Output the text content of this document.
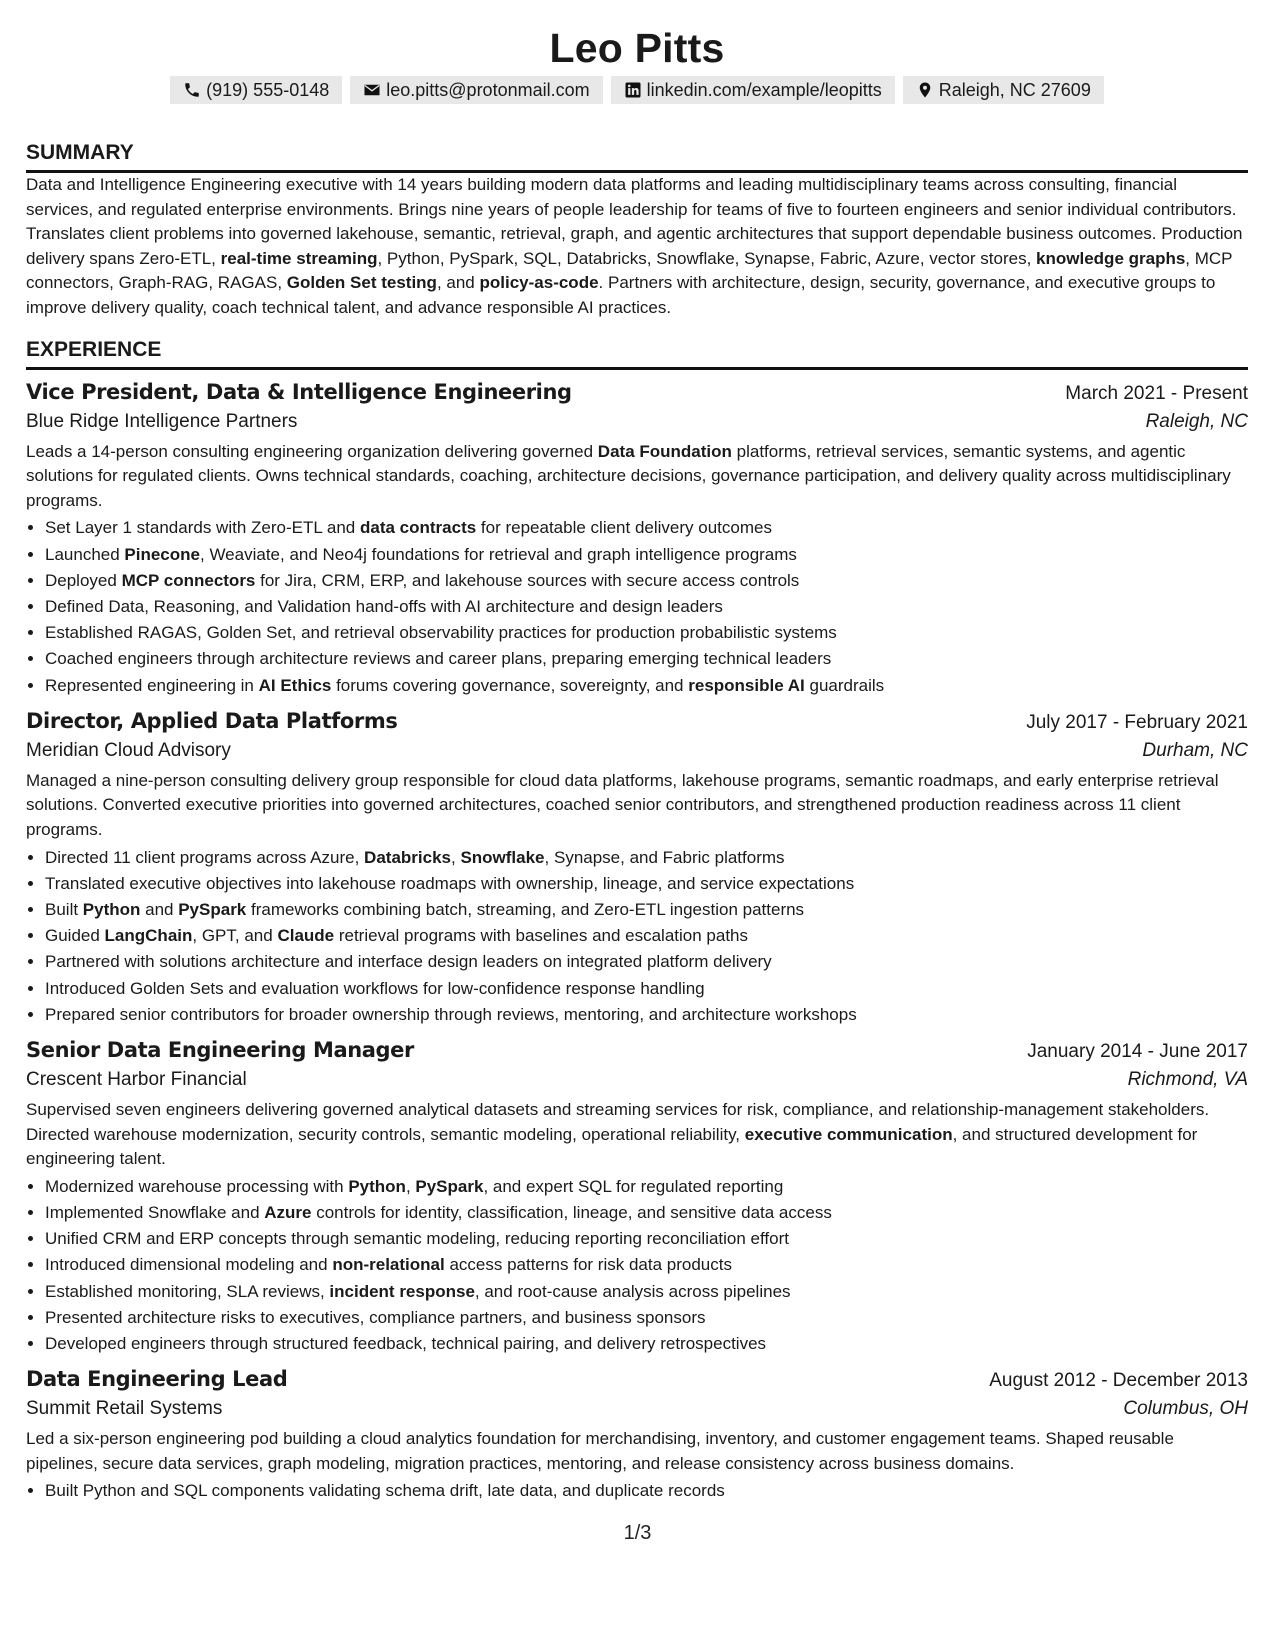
Leo Pitts
(919) 555-0148	leo.pitts@protonmail.com	linkedin.com/example/leopitts	Raleigh, NC 27609
SUMMARY

Data and Intelligence Engineering executive with 14 years building modern data platforms and leading multidisciplinary teams across consulting, financial services, and regulated enterprise environments. Brings nine years of people leadership for teams of five to fourteen engineers and senior individual contributors. Translates client problems into governed lakehouse, semantic, retrieval, graph, and agentic architectures that support dependable business outcomes. Production delivery spans Zero-ETL, real-time streaming, Python, PySpark, SQL, Databricks, Snowflake, Synapse, Fabric, Azure, vector stores, knowledge graphs, MCP connectors, Graph-RAG, RAGAS, Golden Set testing, and policy-as-code. Partners with architecture, design, security, governance, and executive groups to improve delivery quality, coach technical talent, and advance responsible AI practices.

EXPERIENCE
Vice President, Data & Intelligence Engineering	March 2021 - Present
Blue Ridge Intelligence Partners	Raleigh, NC

Leads a 14-person consulting engineering organization delivering governed Data Foundation platforms, retrieval services, semantic systems, and agentic solutions for regulated clients. Owns technical standards, coaching, architecture decisions, governance participation, and delivery quality across multidisciplinary programs.

• Set Layer 1 standards with Zero-ETL and data contracts for repeatable client delivery outcomes
• Launched Pinecone, Weaviate, and Neo4j foundations for retrieval and graph intelligence programs
• Deployed MCP connectors for Jira, CRM, ERP, and lakehouse sources with secure access controls
• Defined Data, Reasoning, and Validation hand-offs with AI architecture and design leaders
• Established RAGAS, Golden Set, and retrieval observability practices for production probabilistic systems
• Coached engineers through architecture reviews and career plans, preparing emerging technical leaders
• Represented engineering in AI Ethics forums covering governance, sovereignty, and responsible AI guardrails
Director, Applied Data Platforms	July 2017 - February 2021
Meridian Cloud Advisory	Durham, NC

Managed a nine-person consulting delivery group responsible for cloud data platforms, lakehouse programs, semantic roadmaps, and early enterprise retrieval solutions. Converted executive priorities into governed architectures, coached senior contributors, and strengthened production readiness across 11 client programs.

• Directed 11 client programs across Azure, Databricks, Snowflake, Synapse, and Fabric platforms
• Translated executive objectives into lakehouse roadmaps with ownership, lineage, and service expectations
• Built Python and PySpark frameworks combining batch, streaming, and Zero-ETL ingestion patterns
• Guided LangChain, GPT, and Claude retrieval programs with baselines and escalation paths
• Partnered with solutions architecture and interface design leaders on integrated platform delivery
• Introduced Golden Sets and evaluation workflows for low-confidence response handling
• Prepared senior contributors for broader ownership through reviews, mentoring, and architecture workshops
Senior Data Engineering Manager	January 2014 - June 2017
Crescent Harbor Financial	Richmond, VA

Supervised seven engineers delivering governed analytical datasets and streaming services for risk, compliance, and relationship-management stakeholders. Directed warehouse modernization, security controls, semantic modeling, operational reliability, executive communication, and structured development for engineering talent.

• Modernized warehouse processing with Python, PySpark, and expert SQL for regulated reporting
• Implemented Snowflake and Azure controls for identity, classification, lineage, and sensitive data access
• Unified CRM and ERP concepts through semantic modeling, reducing reporting reconciliation effort
• Introduced dimensional modeling and non-relational access patterns for risk data products
• Established monitoring, SLA reviews, incident response, and root-cause analysis across pipelines
• Presented architecture risks to executives, compliance partners, and business sponsors
• Developed engineers through structured feedback, technical pairing, and delivery retrospectives
Data Engineering Lead	August 2012 - December 2013
Summit Retail Systems	Columbus, OH

Led a six-person engineering pod building a cloud analytics foundation for merchandising, inventory, and customer engagement teams. Shaped reusable pipelines, secure data services, graph modeling, migration practices, mentoring, and release consistency across business domains.

• Built Python and SQL components validating schema drift, late data, and duplicate records
1/3
